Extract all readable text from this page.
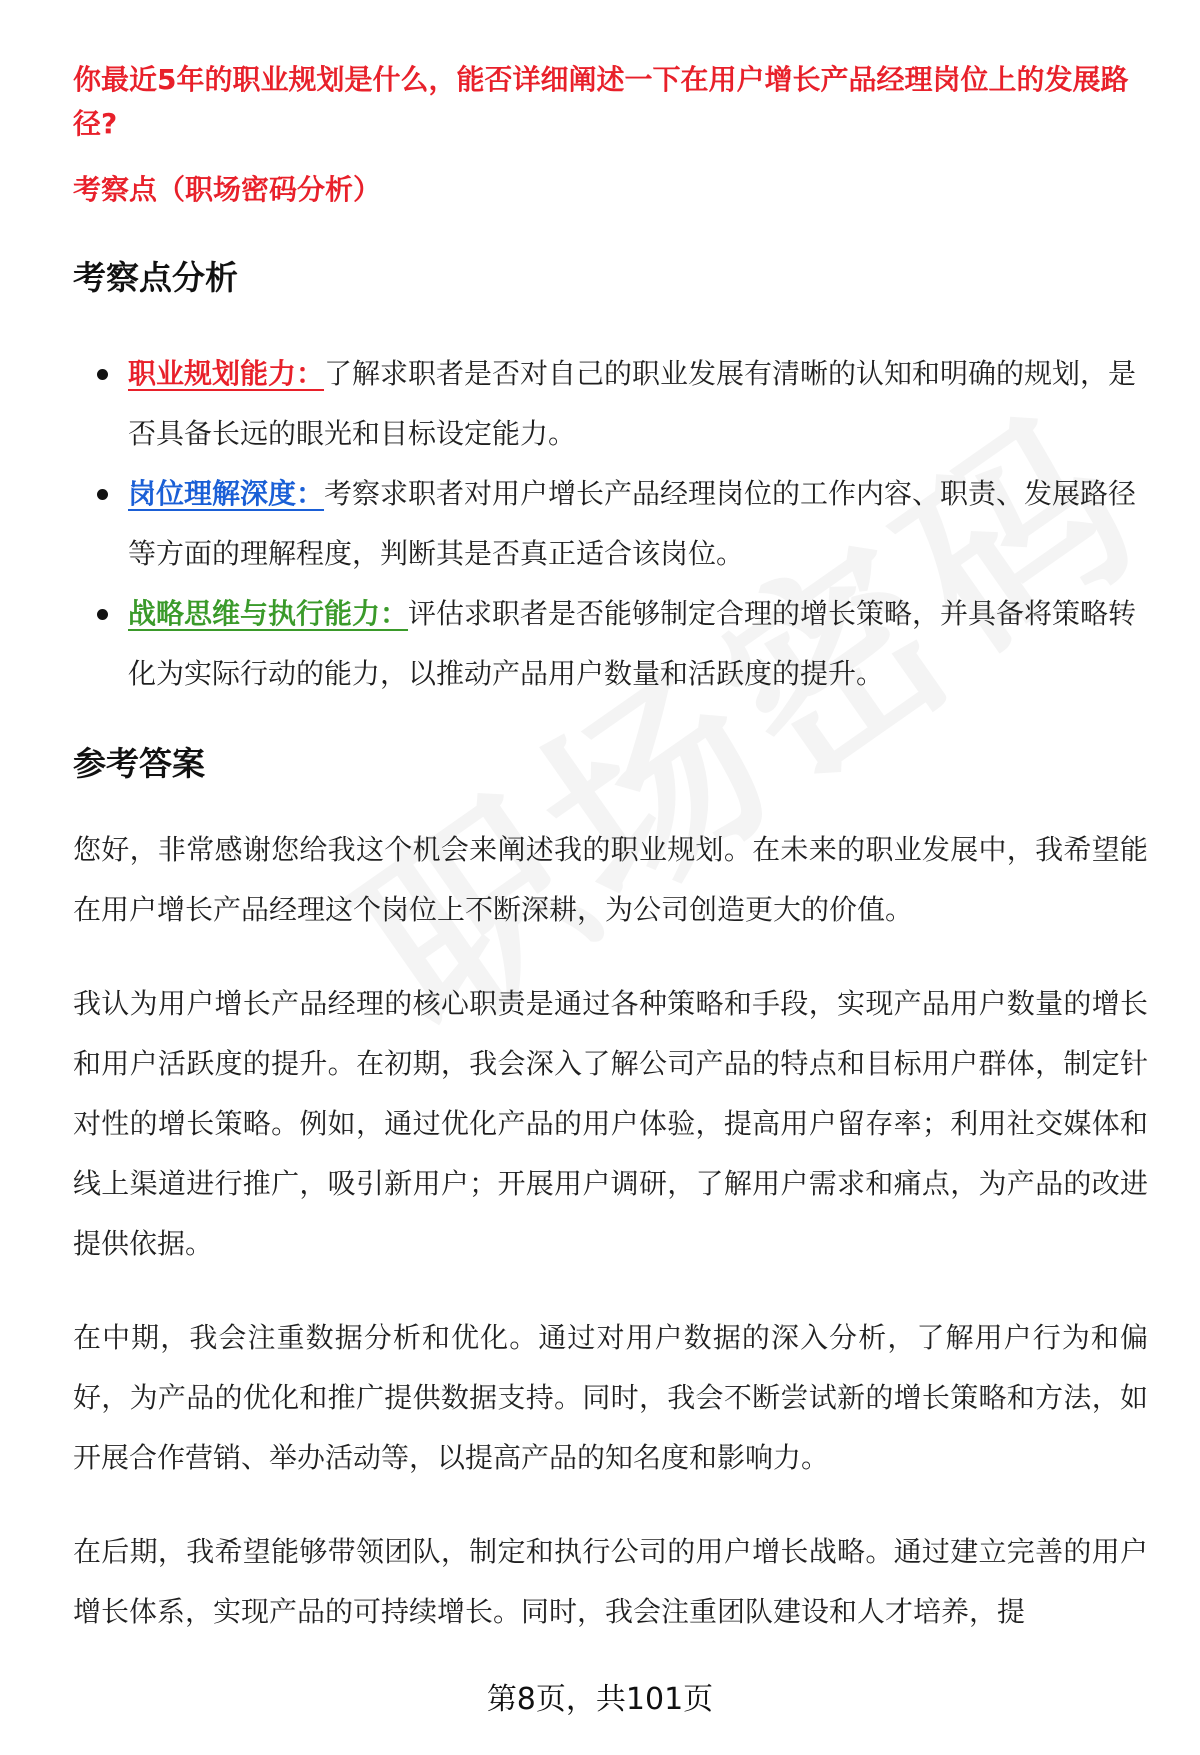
你最近5年的职业规划是什么，能否详细阐述一下在用户增长产品经理岗位上的发展路径?

考察点（职场密码分析）

考察点分析
职业规划能力：了解求职者是否对自己的职业发展有清晰的认知和明确的规划，是否具备长远的眼光和目标设定能力。
岗位理解深度：考察求职者对用户增长产品经理岗位的工作内容、职责、发展路径等方面的理解程度，判断其是否真正适合该岗位。
战略思维与执行能力：评估求职者是否能够制定合理的增长策略，并具备将策略转化为实际行动的能力，以推动产品用户数量和活跃度的提升。
参考答案

您好，非常感谢您给我这个机会来阐述我的职业规划。在未来的职业发展中，我希望能在用户增长产品经理这个岗位上不断深耕，为公司创造更大的价值。

我认为用户增长产品经理的核心职责是通过各种策略和手段，实现产品用户数量的增长和用户活跃度的提升。在初期，我会深入了解公司产品的特点和目标用户群体，制定针对性的增长策略。例如，通过优化产品的用户体验，提高用户留存率；利用社交媒体和线上渠道进行推广，吸引新用户；开展用户调研，了解用户需求和痛点，为产品的改进提供依据。

在中期，我会注重数据分析和优化。通过对用户数据的深入分析，了解用户行为和偏好，为产品的优化和推广提供数据支持。同时，我会不断尝试新的增长策略和方法，如开展合作营销、举办活动等，以提高产品的知名度和影响力。

在后期，我希望能够带领团队，制定和执行公司的用户增长战略。通过建立完善的用户增长体系，实现产品的可持续增长。同时，我会注重团队建设和人才培养，提

第8页，共101页
